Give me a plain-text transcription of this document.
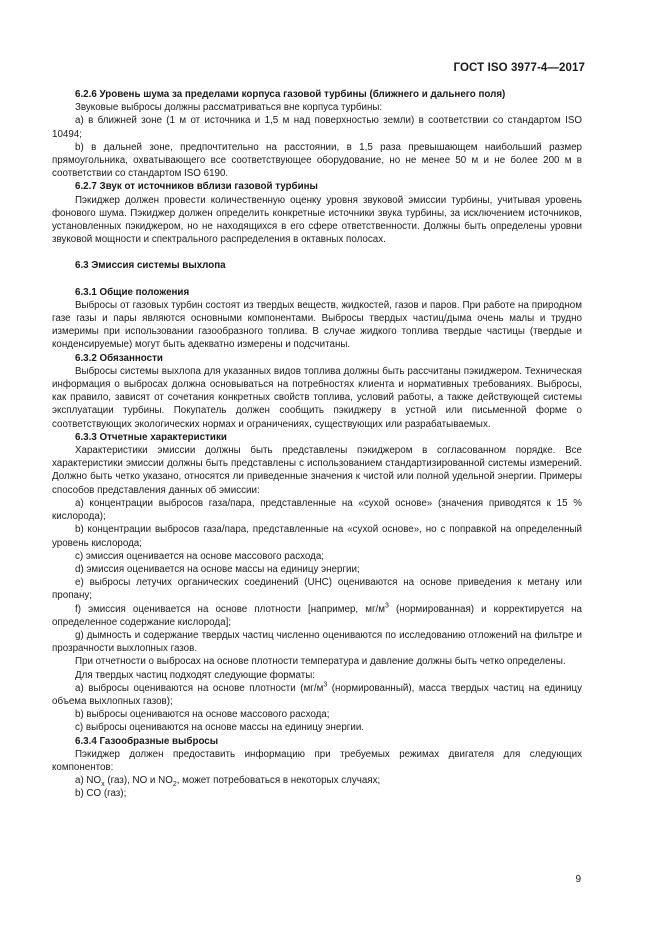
ГОСТ ISO 3977-4—2017

6.2.6 Уровень шума за пределами корпуса газовой турбины (ближнего и дальнего поля)

Звуковые выбросы должны рассматриваться вне корпуса турбины:

a) в ближней зоне (1 м от источника и 1,5 м над поверхностью земли) в соответствии со стандартом ISO 10494;

b) в дальней зоне, предпочтительно на расстоянии, в 1,5 раза превышающем наибольший размер прямоугольника, охватывающего все соответствующее оборудование, но не менее 50 м и не более 200 м в соответствии со стандартом ISO 6190.

6.2.7 Звук от источников вблизи газовой турбины

Пэкиджер должен провести количественную оценку уровня звуковой эмиссии турбины, учитывая уровень фонового шума. Пэкиджер должен определить конкретные источники звука турбины, за исключением источников, установленных пэкиджером, но не находящихся в его сфере ответственности. Должны быть определены уровни звуковой мощности и спектрального распределения в октавных полосах.

6.3 Эмиссия системы выхлопа

6.3.1 Общие положения

Выбросы от газовых турбин состоят из твердых веществ, жидкостей, газов и паров. При работе на природном газе газы и пары являются основными компонентами. Выбросы твердых частиц/дыма очень малы и трудно измеримы при использовании газообразного топлива. В случае жидкого топлива твердые частицы (твердые и конденсируемые) могут быть адекватно измерены и подсчитаны.

6.3.2 Обязанности

Выбросы системы выхлопа для указанных видов топлива должны быть рассчитаны пэкиджером. Техническая информация о выбросах должна основываться на потребностях клиента и нормативных требованиях. Выбросы, как правило, зависят от сочетания конкретных свойств топлива, условий работы, а также действующей системы эксплуатации турбины. Покупатель должен сообщить пэкиджеру в устной или письменной форме о соответствующих экологических нормах и ограничениях, существующих или разрабатываемых.

6.3.3 Отчетные характеристики

Характеристики эмиссии должны быть представлены пэкиджером в согласованном порядке. Все характеристики эмиссии должны быть представлены с использованием стандартизированной системы измерений. Должно быть четко указано, относятся ли приведенные значения к чистой или полной удельной энергии. Примеры способов представления данных об эмиссии:

a) концентрации выбросов газа/пара, представленные на «сухой основе» (значения приводятся к 15 % кислорода);

b) концентрации выбросов газа/пара, представленные на «сухой основе», но с поправкой на определенный уровень кислорода;

c) эмиссия оценивается на основе массового расхода;

d) эмиссия оценивается на основе массы на единицу энергии;

e) выбросы летучих органических соединений (UHC) оцениваются на основе приведения к метану или пропану;

f) эмиссия оценивается на основе плотности [например, $мг/м^3$ (нормированная) и корректируется на определенное содержание кислорода];

g) дымность и содержание твердых частиц численно оцениваются по исследованию отложений на фильтре и прозрачности выхлопных газов.

При отчетности о выбросах на основе плотности температура и давление должны быть четко определены.

Для твердых частиц подходят следующие форматы:

a) выбросы оцениваются на основе плотности ($мг/м^3$ (нормированный), масса твердых частиц на единицу объема выхлопных газов);

b) выбросы оцениваются на основе массового расхода;

c) выбросы оцениваются на основе массы на единицу энергии.

6.3.4 Газообразные выбросы

Пэкиджер должен предоставить информацию при требуемых режимах двигателя для следующих компонентов:

a) $NO_x$ (газ), NO и $NO_2$, может потребоваться в некоторых случаях;

b) CO (газ);

9
